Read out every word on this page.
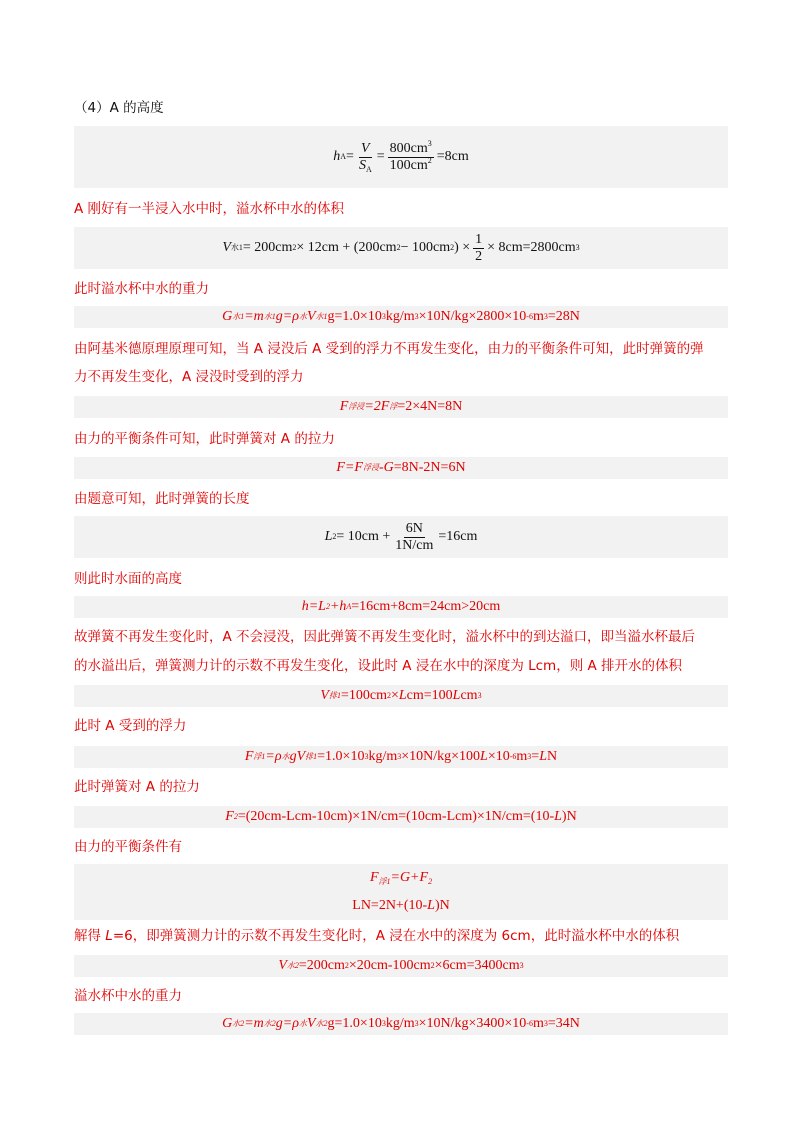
（4）A 的高度
h $A = \frac{V}{S_A} = \frac{800cm^3}{100cm^2} =8cm$
A 刚好有一半浸入水中时，溢水杯中水的体积
V 水1 = 200cm 2 × 12cm + (200cm 2 − 100cm 2 ) × $\frac{1}{2} \times 8cm=2800cm$ 3
此时溢水杯中水的重力
G 水1 =m 水1 g=ρ 水 V 水1 g=1.0×10 3 kg/m 3 ×10N/kg×2800×10 -6 m 3 =28N
由阿基米德原理原理可知，当 A 浸没后 A 受到的浮力不再发生变化，由力的平衡条件可知，此时弹簧的弹
力不再发生变化，A 浸没时受到的浮力
F 浮浸 =2F 浮 =2×4N=8N
由力的平衡条件可知，此时弹簧对 A 的拉力
F =F 浮浸 -G =8N-2N=6N
由题意可知，此时弹簧的长度
L $2 = 10cm + \frac{6N}{1N/cm} =16cm$
则此时水面的高度
h =L 2 +h A =16cm+8cm=24cm>20cm
故弹簧不再发生变化时，A 不会浸没，因此弹簧不再发生变化时，溢水杯中的到达溢口，即当溢水杯最后
的水溢出后，弹簧测力计的示数不再发生变化，设此时 A 浸在水中的深度为 Lcm，则 A 排开水的体积
V 排1 =100cm 2 × L cm=100 L cm 3
此时 A 受到的浮力
F 浮1 =ρ 水 gV 排1 =1.0×10 3 kg/m 3 ×10N/kg×100 L ×10 -6 m 3 = L N
此时弹簧对 A 的拉力
F 2 =(20cm-Lcm-10cm)×1N/cm=(10cm-Lcm)×1N/cm=(10- L )N
由力的平衡条件有
$F_{浮1}=G+F_2$
LN=2N+(10-L)N
解得 L=6，即弹簧测力计的示数不再发生变化时，A 浸在水中的深度为 6cm，此时溢水杯中水的体积
V 水2 =200cm 2 ×20cm-100cm 2 ×6cm=3400cm 3
溢水杯中水的重力
G 水2 =m 水2 g=ρ 水 V 水2 g=1.0×10 3 kg/m 3 ×10N/kg×3400×10 -6 m 3 =34N
